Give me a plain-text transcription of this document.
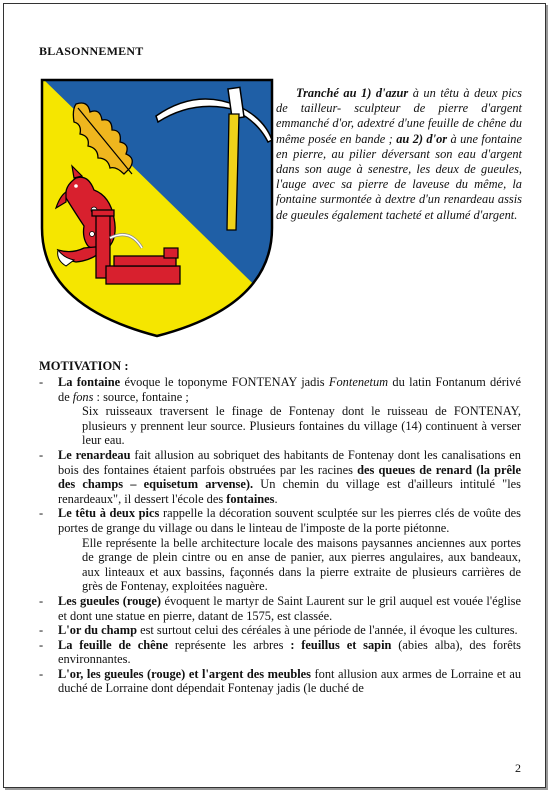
BLASONNEMENT
Tranché au 1) d'azur à un têtu à deux pics de tailleur- sculpteur de pierre d'argent emmanché d'or, adextré d'une feuille de chêne du même posée en bande ; au 2) d'or à une fontaine en pierre, au pilier déversant son eau d'argent dans son auge à senestre, les deux de gueules, l'auge avec sa pierre de laveuse du même, la fontaine surmontée à dextre d'un renardeau assis de gueules également tacheté et allumé d'argent.
MOTIVATION :
- La fontaine évoque le toponyme FONTENAY jadis Fontenetum du latin Fontanum dérivé de fons : source, fontaine ;
Six ruisseaux traversent le finage de Fontenay dont le ruisseau de FONTENAY, plusieurs y prennent leur source. Plusieurs fontaines du village (14) continuent à verser leur eau.
- Le renardeau fait allusion au sobriquet des habitants de Fontenay dont les canalisations en bois des fontaines étaient parfois obstruées par les racines des queues de renard (la prêle des champs – equisetum arvense). Un chemin du village est d'ailleurs intitulé "les renardeaux", il dessert l'école des fontaines.
- Le têtu à deux pics rappelle la décoration souvent sculptée sur les pierres clés de voûte des portes de grange du village ou dans le linteau de l'imposte de la porte piétonne.
Elle représente la belle architecture locale des maisons paysannes anciennes aux portes de grange de plein cintre ou en anse de panier, aux pierres angulaires, aux bandeaux, aux linteaux et aux bassins, façonnés dans la pierre extraite de plusieurs carrières de grès de Fontenay, exploitées naguère.
- Les gueules (rouge) évoquent le martyr de Saint Laurent sur le gril auquel est vouée l'église et dont une statue en pierre, datant de 1575, est classée.
- L'or du champ est surtout celui des céréales à une période de l'année, il évoque les cultures.
- La feuille de chêne représente les arbres : feuillus et sapin (abies alba), des forêts environnantes.
- L'or, les gueules (rouge) et l'argent des meubles font allusion aux armes de Lorraine et au duché de Lorraine dont dépendait Fontenay jadis (le duché de
2
